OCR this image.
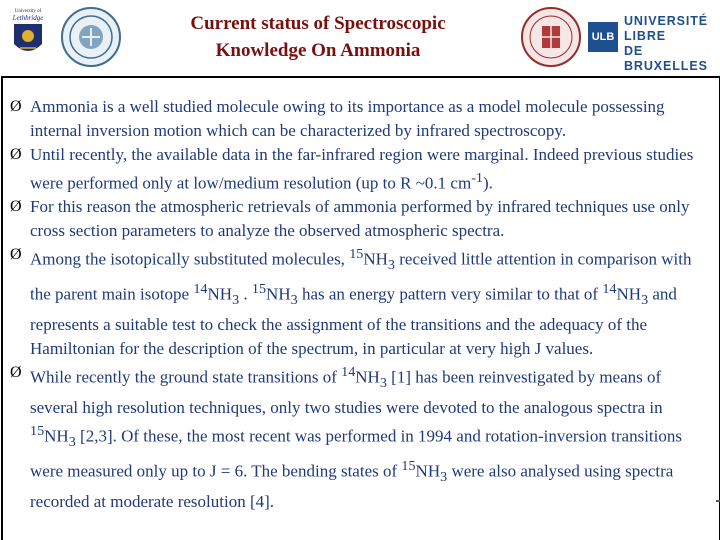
University of
Lethbridge	Current status of Spectroscopic
Knowledge On Ammonia
ULB
UNIVERSITÉ
LIBRE
DE BRUXELLES
Ø Ammonia is a well studied molecule owing to its importance as a model molecule possessing internal inversion motion which can be characterized by infrared spectroscopy.
Ø Until recently, the available data in the far-infrared region were marginal. Indeed previous studies were performed only at low/medium resolution (up to R ~0.1 $cm^{-1}$).
Ø For this reason the atmospheric retrievals of ammonia performed by infrared techniques use only cross section parameters to analyze the observed atmospheric spectra.
Ø Among the isotopically substituted molecules, $^{15}NH_3$ received little attention in comparison with the parent main isotope $^{14}NH_3$ . $^{15}NH_3$ has an energy pattern very similar to that of $^{14}NH_3$ and represents a suitable test to check the assignment of the transitions and the adequacy of the Hamiltonian for the description of the spectrum, in particular at very high J values.
Ø While recently the ground state transitions of $^{14}NH_3$ [1] has been reinvestigated by means of several high resolution techniques, only two studies were devoted to the analogous spectra in $^{15}NH_3$ [2,3]. Of these, the most recent was performed in 1994 and rotation-inversion transitions were measured only up to J = 6. The bending states of $^{15}NH_3$ were also analysed using spectra recorded at moderate resolution [4].
